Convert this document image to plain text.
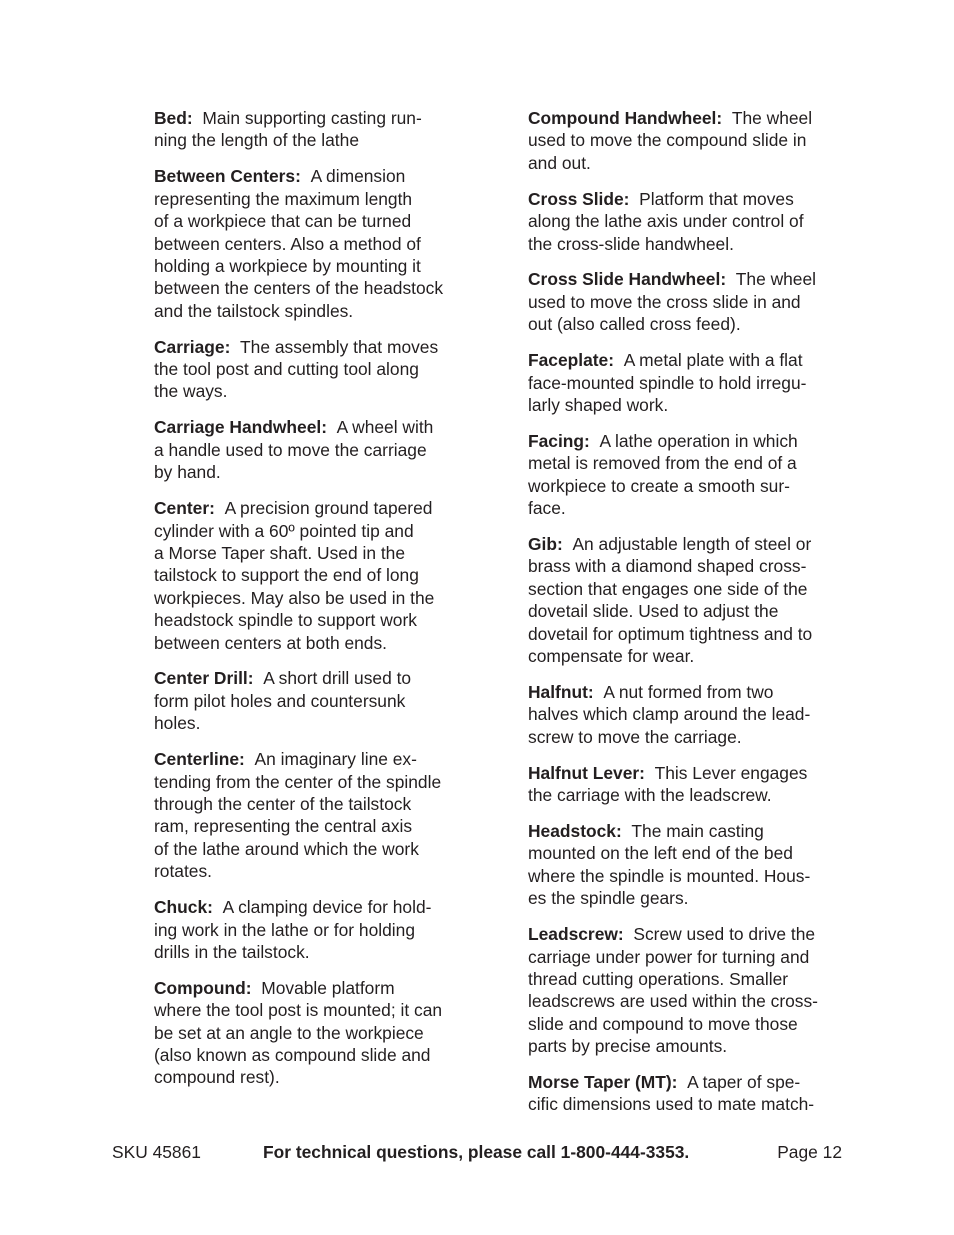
Bed: Main supporting casting run-
ning the length of the lathe
Between Centers: A dimension
representing the maximum length
of a workpiece that can be turned
between centers. Also a method of
holding a workpiece by mounting it
between the centers of the headstock
and the tailstock spindles.
Carriage: The assembly that moves
the tool post and cutting tool along
the ways.
Carriage Handwheel: A wheel with
a handle used to move the carriage
by hand.
Center: A precision ground tapered
cylinder with a 60º pointed tip and
a Morse Taper shaft. Used in the
tailstock to support the end of long
workpieces. May also be used in the
headstock spindle to support work
between centers at both ends.
Center Drill: A short drill used to
form pilot holes and countersunk
holes.
Centerline: An imaginary line ex-
tending from the center of the spindle
through the center of the tailstock
ram, representing the central axis
of the lathe around which the work
rotates.
Chuck: A clamping device for hold-
ing work in the lathe or for holding
drills in the tailstock.
Compound: Movable platform
where the tool post is mounted; it can
be set at an angle to the workpiece
(also known as compound slide and
compound rest).
Compound Handwheel: The wheel
used to move the compound slide in
and out.
Cross Slide: Platform that moves
along the lathe axis under control of
the cross-slide handwheel.
Cross Slide Handwheel: The wheel
used to move the cross slide in and
out (also called cross feed).
Faceplate: A metal plate with a flat
face-mounted spindle to hold irregu-
larly shaped work.
Facing: A lathe operation in which
metal is removed from the end of a
workpiece to create a smooth sur-
face.
Gib: An adjustable length of steel or
brass with a diamond shaped cross-
section that engages one side of the
dovetail slide. Used to adjust the
dovetail for optimum tightness and to
compensate for wear.
Halfnut: A nut formed from two
halves which clamp around the lead-
screw to move the carriage.
Halfnut Lever: This Lever engages
the carriage with the leadscrew.
Headstock: The main casting
mounted on the left end of the bed
where the spindle is mounted. Hous-
es the spindle gears.
Leadscrew: Screw used to drive the
carriage under power for turning and
thread cutting operations. Smaller
leadscrews are used within the cross-
slide and compound to move those
parts by precise amounts.
Morse Taper (MT): A taper of spe-
cific dimensions used to mate match-
SKU 45861	For technical questions, please call 1-800-444-3353.	Page 12
